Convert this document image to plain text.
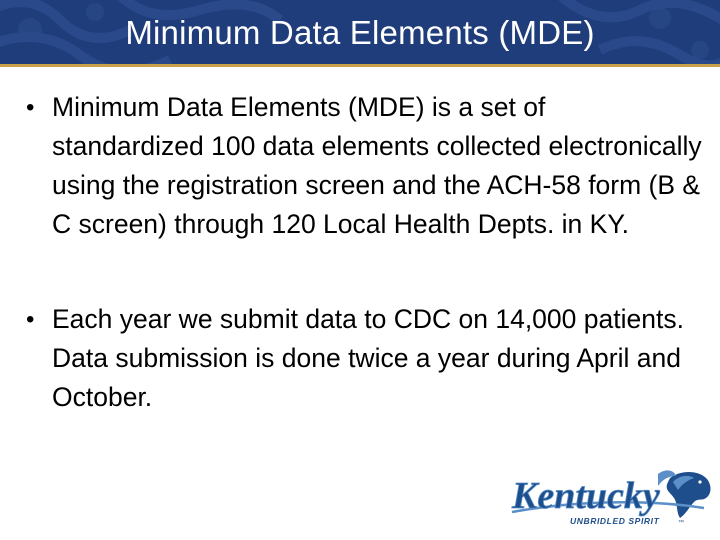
Minimum Data Elements (MDE)
• Minimum Data Elements (MDE) is a set of standardized 100 data elements collected electronically using the registration screen and the ACH-58 form (B & C screen) through 120 Local Health Depts. in KY.
• Each year we submit data to CDC on 14,000 patients. Data submission is done twice a year during April and October.
Kentucky
UNBRIDLED SPIRIT	™
